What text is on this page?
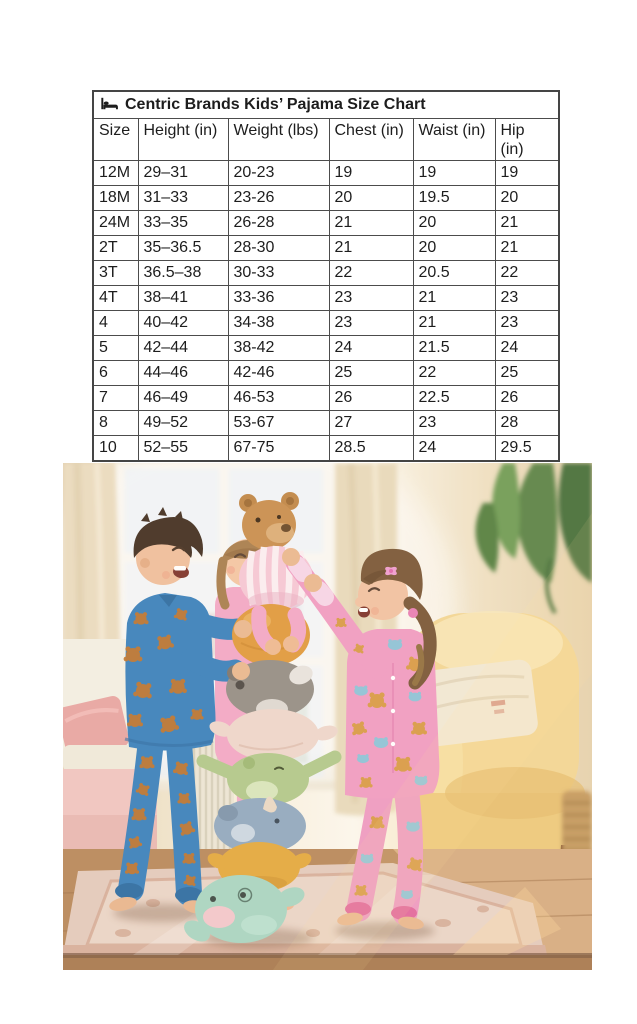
Centric Brands Kids’ Pajama Size Chart					
Size	Height (in)	Weight (lbs)	Chest (in)	Waist (in)	Hip (in)
12M	29–31	20-23	19	19	19
18M	31–33	23-26	20	19.5	20
24M	33–35	26-28	21	20	21
2T	35–36.5	28-30	21	20	21
3T	36.5–38	30-33	22	20.5	22
4T	38–41	33-36	23	21	23
4	40–42	34-38	23	21	23
5	42–44	38-42	24	21.5	24
6	44–46	42-46	25	22	25
7	46–49	46-53	26	22.5	26
8	49–52	53-67	27	23	28
10	52–55	67-75	28.5	24	29.5
